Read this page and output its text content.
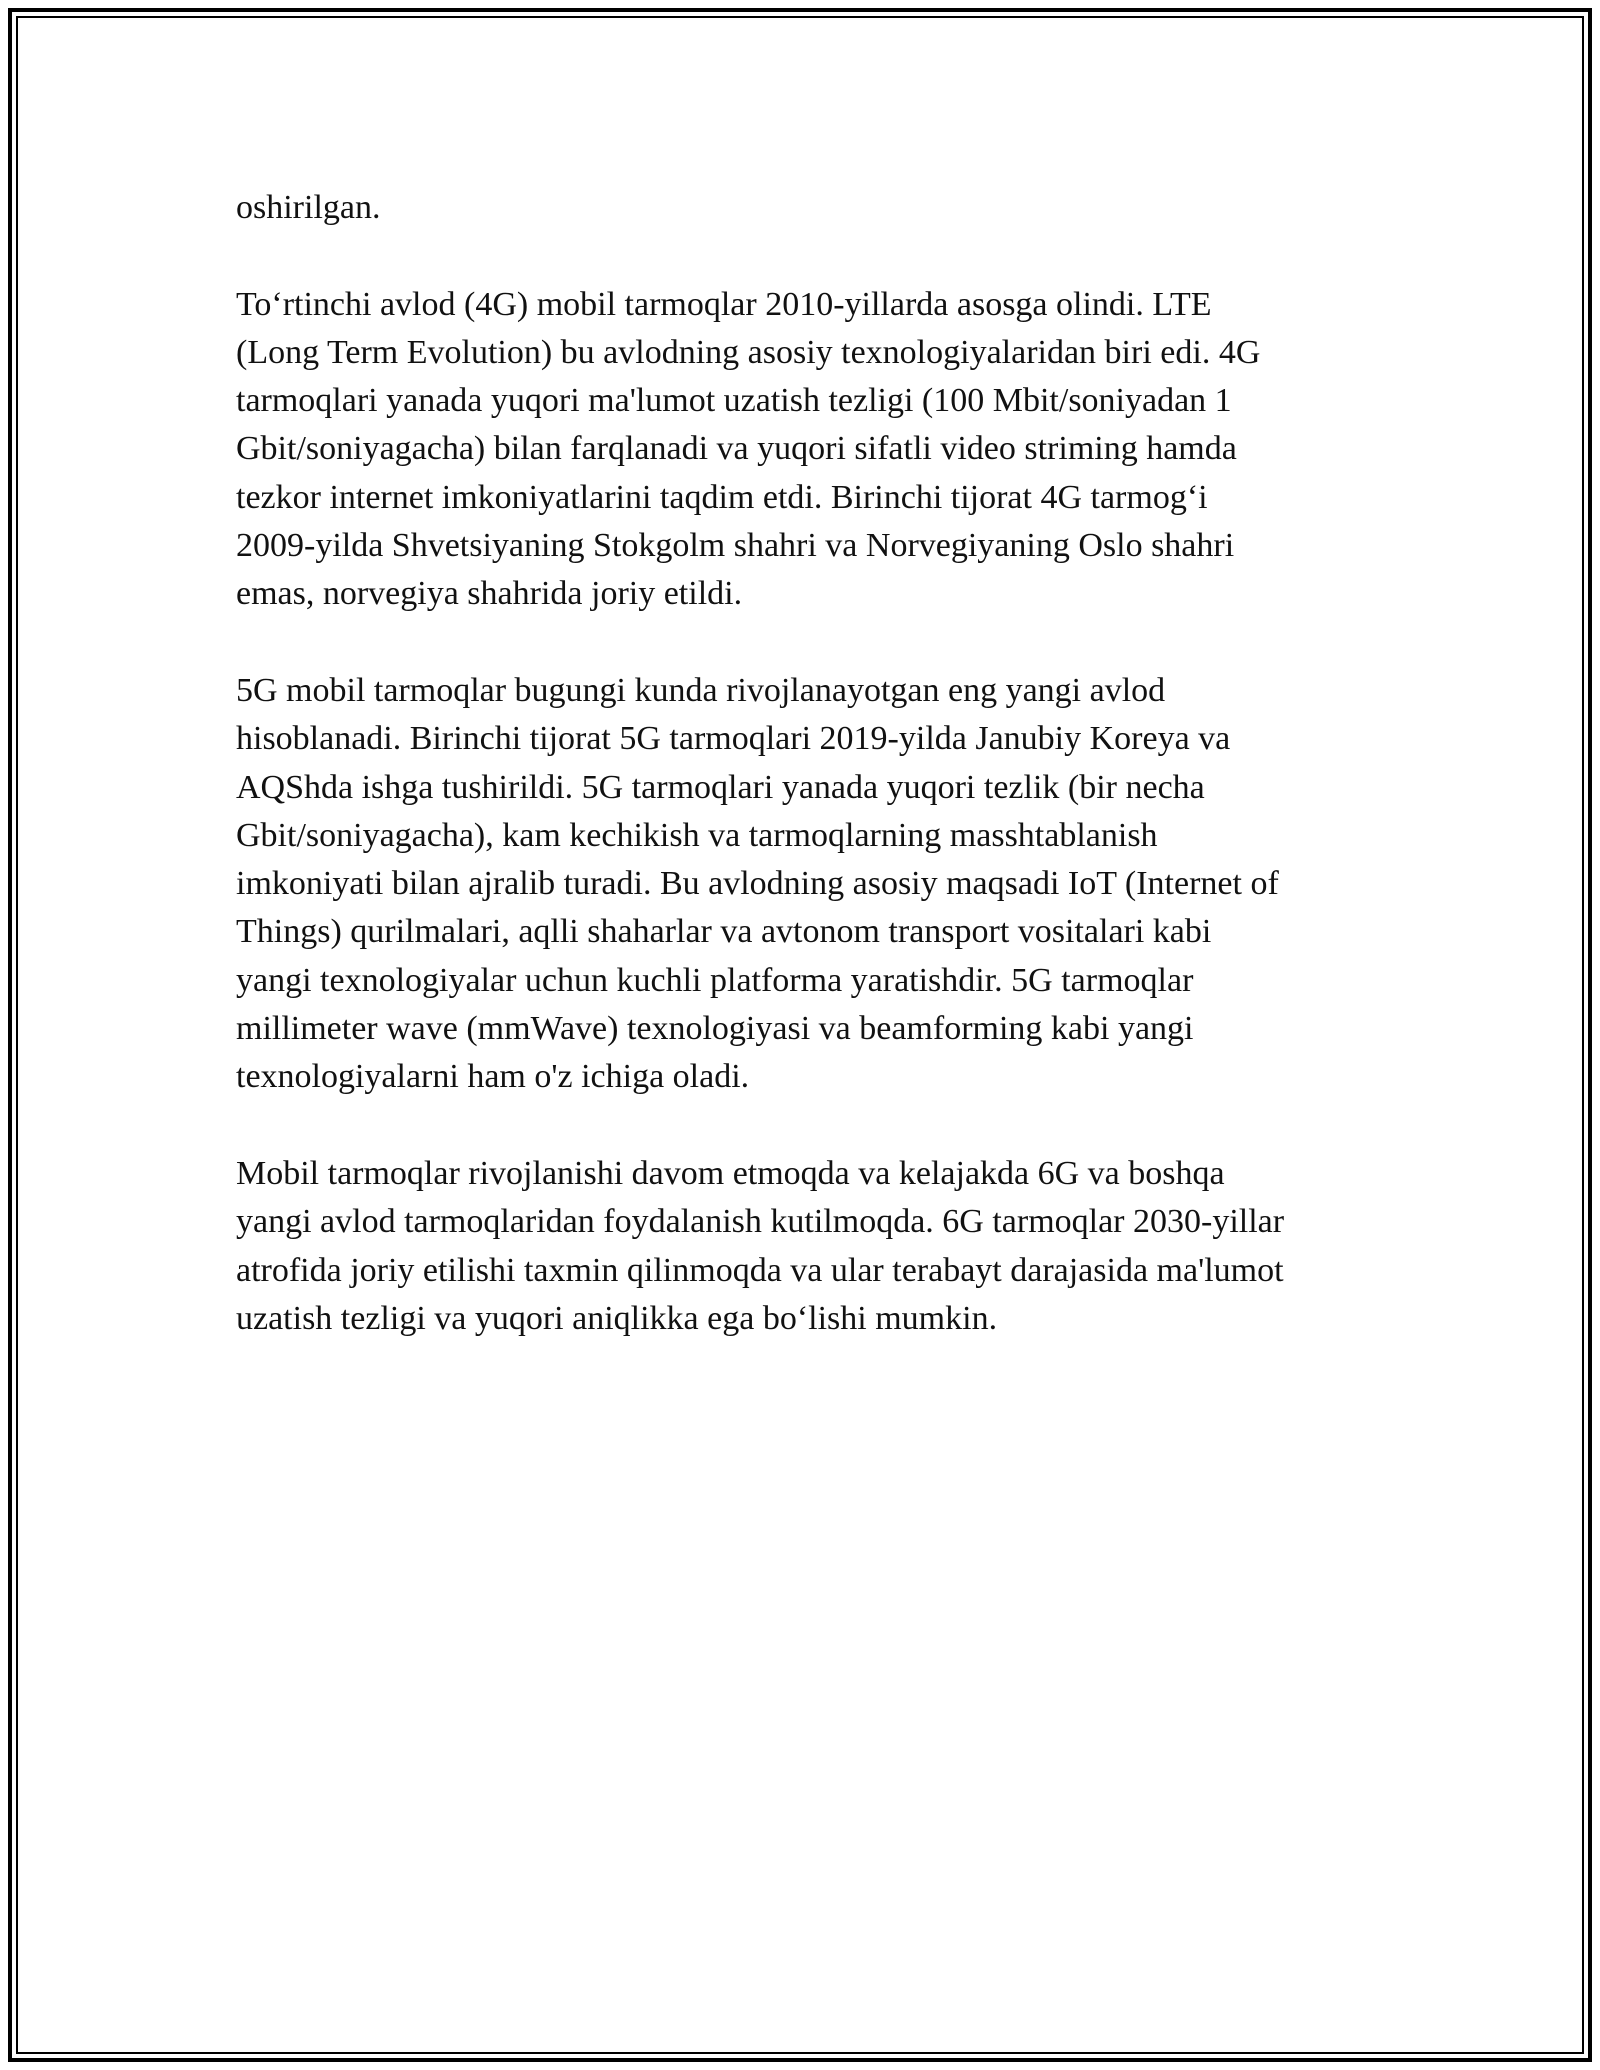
oshirilgan.

To‘rtinchi avlod (4G) mobil tarmoqlar 2010-yillarda asosga olindi. LTE
(Long Term Evolution) bu avlodning asosiy texnologiyalaridan biri edi. 4G
tarmoqlari yanada yuqori ma'lumot uzatish tezligi (100 Mbit/soniyadan 1
Gbit/soniyagacha) bilan farqlanadi va yuqori sifatli video striming hamda
tezkor internet imkoniyatlarini taqdim etdi. Birinchi tijorat 4G tarmog‘i
2009-yilda Shvetsiyaning Stokgolm shahri va Norvegiyaning Oslo shahri
emas, norvegiya shahrida joriy etildi.

5G mobil tarmoqlar bugungi kunda rivojlanayotgan eng yangi avlod
hisoblanadi. Birinchi tijorat 5G tarmoqlari 2019-yilda Janubiy Koreya va
AQShda ishga tushirildi. 5G tarmoqlari yanada yuqori tezlik (bir necha
Gbit/soniyagacha), kam kechikish va tarmoqlarning masshtablanish
imkoniyati bilan ajralib turadi. Bu avlodning asosiy maqsadi IoT (Internet of
Things) qurilmalari, aqlli shaharlar va avtonom transport vositalari kabi
yangi texnologiyalar uchun kuchli platforma yaratishdir. 5G tarmoqlar
millimeter wave (mmWave) texnologiyasi va beamforming kabi yangi
texnologiyalarni ham o'z ichiga oladi.

Mobil tarmoqlar rivojlanishi davom etmoqda va kelajakda 6G va boshqa
yangi avlod tarmoqlaridan foydalanish kutilmoqda. 6G tarmoqlar 2030-yillar
atrofida joriy etilishi taxmin qilinmoqda va ular terabayt darajasida ma'lumot
uzatish tezligi va yuqori aniqlikka ega bo‘lishi mumkin.
